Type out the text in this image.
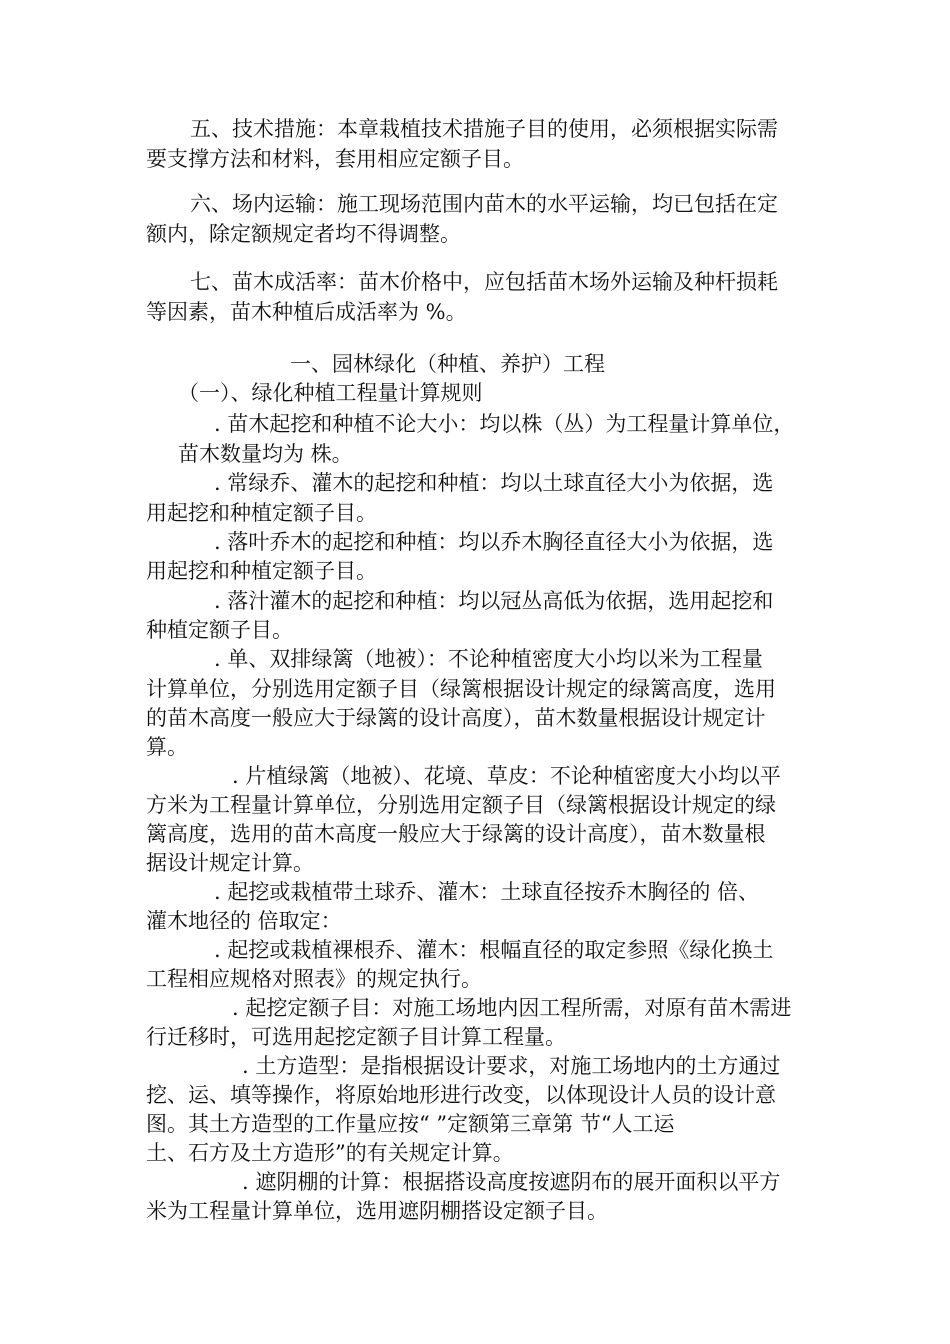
五、技术措施：本章栽植技术措施子目的使用，必须根据实际需

要支撑方法和材料，套用相应定额子目。

六、场内运输：施工现场范围内苗木的水平运输，均已包括在定

额内，除定额规定者均不得调整。

七、苗木成活率：苗木价格中，应包括苗木场外运输及种杆损耗

等因素，苗木种植后成活率为 %。

一、园林绿化（种植、养护）工程

（一）、绿化种植工程量计算规则

. 苗木起挖和种植不论大小：均以株（丛）为工程量计算单位，

苗木数量均为 株。

. 常绿乔、灌木的起挖和种植：均以土球直径大小为依据，选

用起挖和种植定额子目。

. 落叶乔木的起挖和种植：均以乔木胸径直径大小为依据，选

用起挖和种植定额子目。

. 落汁灌木的起挖和种植：均以冠丛高低为依据，选用起挖和

种植定额子目。

. 单、双排绿篱（地被）：不论种植密度大小均以米为工程量

计算单位，分别选用定额子目（绿篱根据设计规定的绿篱高度，选用

的苗木高度一般应大于绿篱的设计高度），苗木数量根据设计规定计

算。

. 片植绿篱（地被）、花境、草皮：不论种植密度大小均以平

方米为工程量计算单位，分别选用定额子目（绿篱根据设计规定的绿

篱高度，选用的苗木高度一般应大于绿篱的设计高度），苗木数量根

据设计规定计算。

. 起挖或栽植带土球乔、灌木：土球直径按乔木胸径的 倍、

灌木地径的 倍取定：

. 起挖或栽植裸根乔、灌木：根幅直径的取定参照《绿化换土

工程相应规格对照表》的规定执行。

. 起挖定额子目：对施工场地内因工程所需，对原有苗木需进

行迁移时，可选用起挖定额子目计算工程量。

. 土方造型：是指根据设计要求，对施工场地内的土方通过

挖、运、填等操作，将原始地形进行改变，以体现设计人员的设计意

图。其土方造型的工作量应按“ ”定额第三章第 节“人工运

土、石方及土方造形”的有关规定计算。

. 遮阴棚的计算：根据搭设高度按遮阴布的展开面积以平方

米为工程量计算单位，选用遮阴棚搭设定额子目。
